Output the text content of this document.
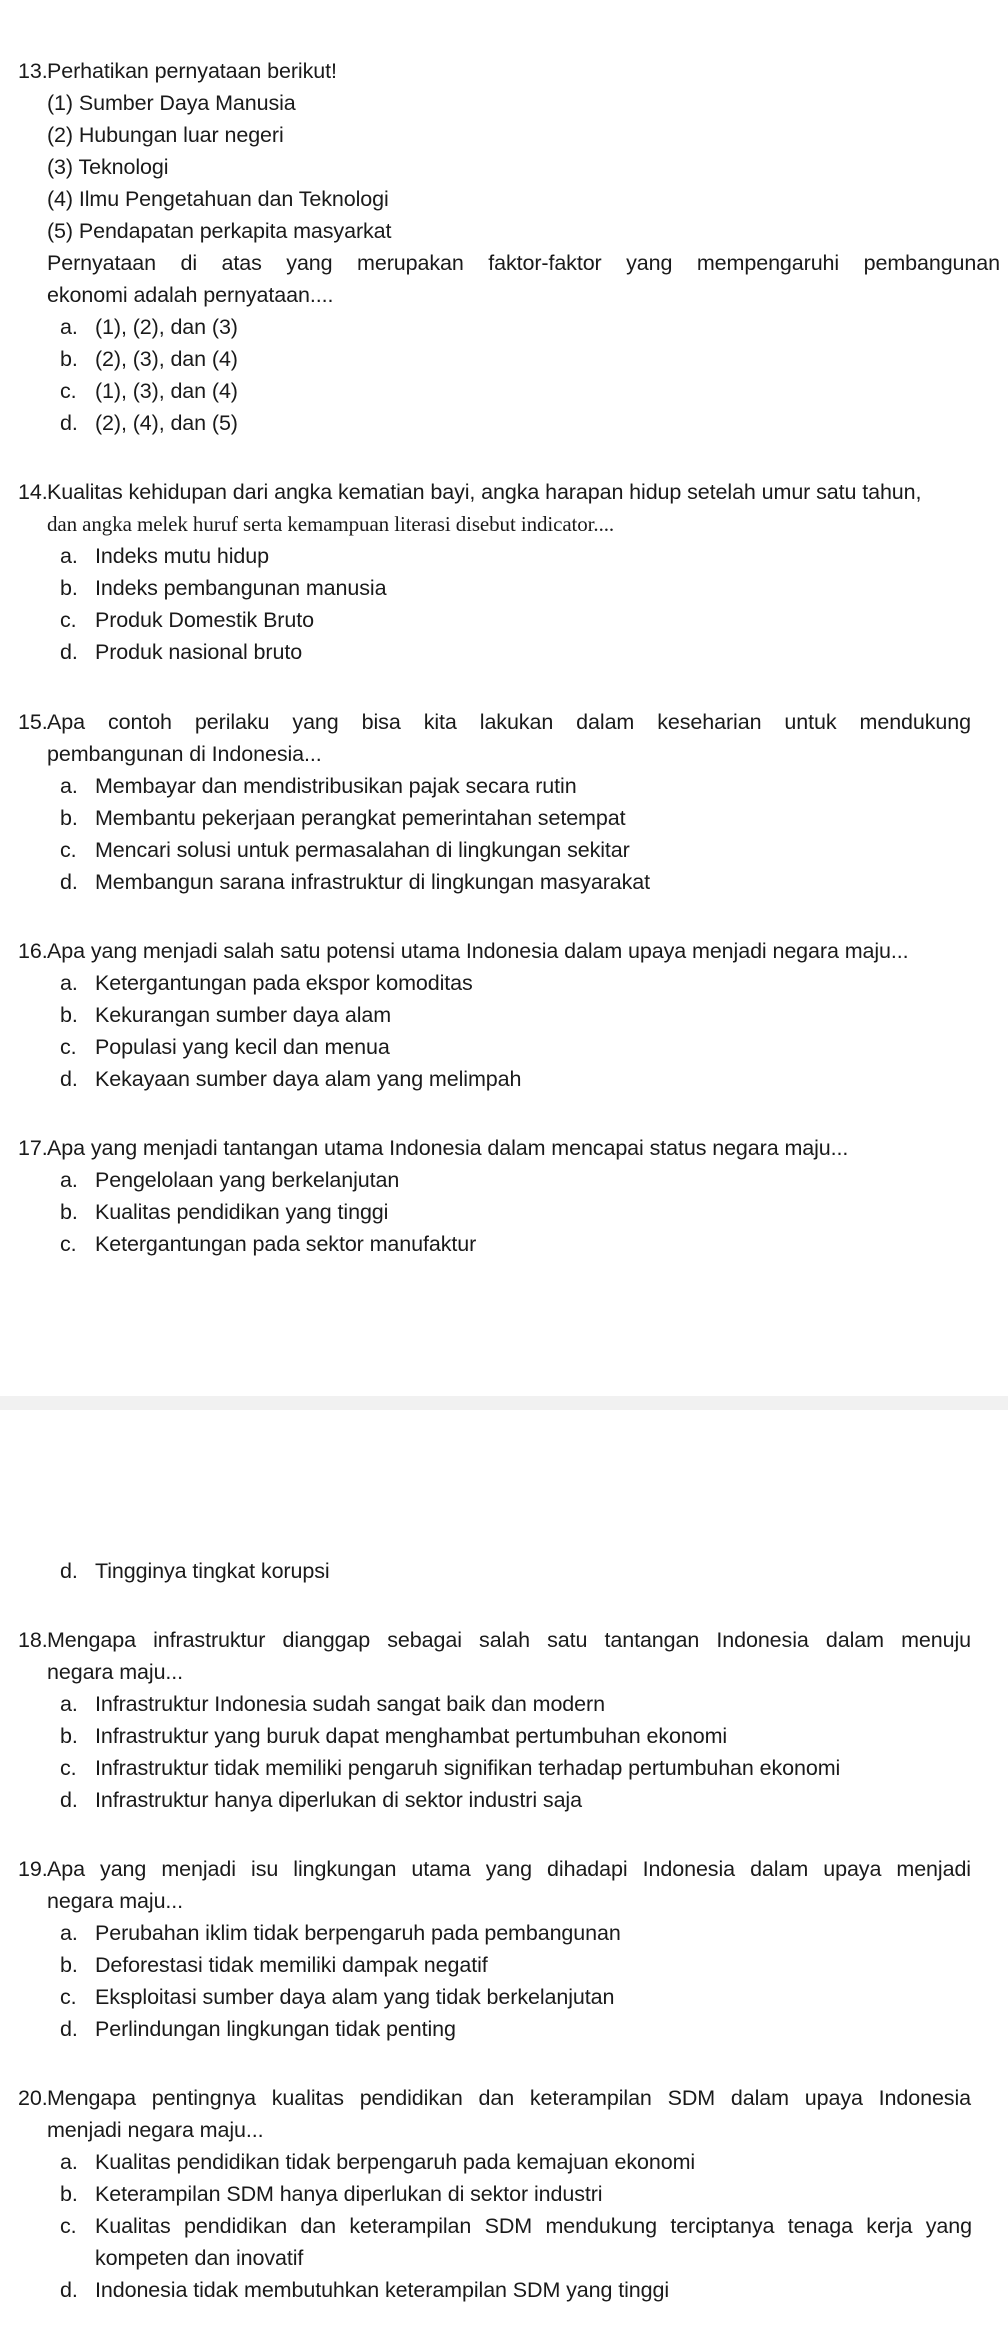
13.Perhatikan pernyataan berikut!
(1) Sumber Daya Manusia
(2) Hubungan luar negeri
(3) Teknologi
(4) Ilmu Pengetahuan dan Teknologi
(5) Pendapatan perkapita masyarkat
Pernyataan di atas yang merupakan faktor-faktor yang mempengaruhi pembangunan
ekonomi adalah pernyataan....
a. (1), (2), dan (3)
b. (2), (3), dan (4)
c. (1), (3), dan (4)
d. (2), (4), dan (5)
14.Kualitas kehidupan dari angka kematian bayi, angka harapan hidup setelah umur satu tahun,
dan angka melek huruf serta kemampuan literasi disebut indicator....
a. Indeks mutu hidup
b. Indeks pembangunan manusia
c. Produk Domestik Bruto
d. Produk nasional bruto
15.Apa contoh perilaku yang bisa kita lakukan dalam keseharian untuk mendukung
pembangunan di Indonesia...
a. Membayar dan mendistribusikan pajak secara rutin
b. Membantu pekerjaan perangkat pemerintahan setempat
c. Mencari solusi untuk permasalahan di lingkungan sekitar
d. Membangun sarana infrastruktur di lingkungan masyarakat
16.Apa yang menjadi salah satu potensi utama Indonesia dalam upaya menjadi negara maju...
a. Ketergantungan pada ekspor komoditas
b. Kekurangan sumber daya alam
c. Populasi yang kecil dan menua
d. Kekayaan sumber daya alam yang melimpah
17.Apa yang menjadi tantangan utama Indonesia dalam mencapai status negara maju...
a. Pengelolaan yang berkelanjutan
b. Kualitas pendidikan yang tinggi
c. Ketergantungan pada sektor manufaktur
d. Tingginya tingkat korupsi
18.Mengapa infrastruktur dianggap sebagai salah satu tantangan Indonesia dalam menuju
negara maju...
a. Infrastruktur Indonesia sudah sangat baik dan modern
b. Infrastruktur yang buruk dapat menghambat pertumbuhan ekonomi
c. Infrastruktur tidak memiliki pengaruh signifikan terhadap pertumbuhan ekonomi
d. Infrastruktur hanya diperlukan di sektor industri saja
19.Apa yang menjadi isu lingkungan utama yang dihadapi Indonesia dalam upaya menjadi
negara maju...
a. Perubahan iklim tidak berpengaruh pada pembangunan
b. Deforestasi tidak memiliki dampak negatif
c. Eksploitasi sumber daya alam yang tidak berkelanjutan
d. Perlindungan lingkungan tidak penting
20.Mengapa pentingnya kualitas pendidikan dan keterampilan SDM dalam upaya Indonesia
menjadi negara maju...
a. Kualitas pendidikan tidak berpengaruh pada kemajuan ekonomi
b. Keterampilan SDM hanya diperlukan di sektor industri
c. Kualitas pendidikan dan keterampilan SDM mendukung terciptanya tenaga kerja yang
kompeten dan inovatif
d. Indonesia tidak membutuhkan keterampilan SDM yang tinggi
